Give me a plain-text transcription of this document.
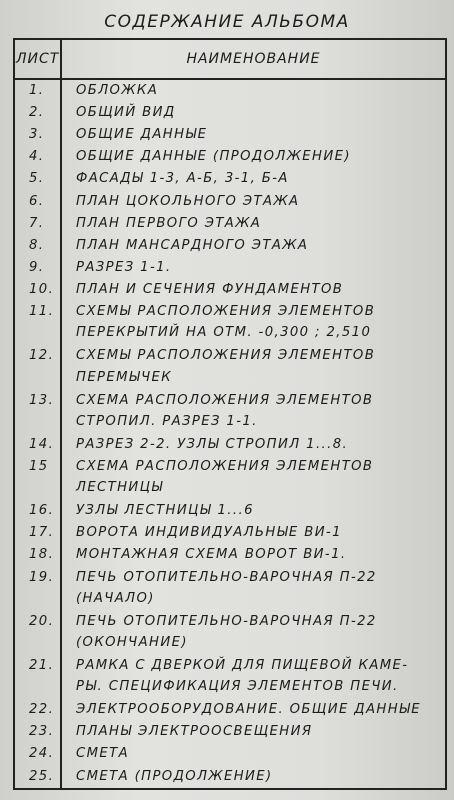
СОДЕРЖАНИЕ АЛЬБОМА
ЛИСТ	НАИМЕНОВАНИЕ
1.	ОБЛОЖКА
2.	ОБЩИЙ ВИД
3.	ОБЩИЕ ДАННЫЕ
4.	ОБЩИЕ ДАННЫЕ (ПРОДОЛЖЕНИЕ)
5.	ФАСАДЫ 1-3, А-Б, 3-1, Б-А
6.	ПЛАН ЦОКОЛЬНОГО ЭТАЖА
7.	ПЛАН ПЕРВОГО ЭТАЖА
8.	ПЛАН МАНСАРДНОГО ЭТАЖА
9.	РАЗРЕЗ 1-1.
10.	ПЛАН И СЕЧЕНИЯ ФУНДАМЕНТОВ
11.	СХЕМЫ РАСПОЛОЖЕНИЯ ЭЛЕМЕНТОВ
ПЕРЕКРЫТИЙ НА ОТМ. -0,300 ; 2,510
12.	СХЕМЫ РАСПОЛОЖЕНИЯ ЭЛЕМЕНТОВ
ПЕРЕМЫЧЕК
13.	СХЕМА РАСПОЛОЖЕНИЯ ЭЛЕМЕНТОВ
СТРОПИЛ. РАЗРЕЗ 1-1.
14.	РАЗРЕЗ 2-2. УЗЛЫ СТРОПИЛ 1...8.
15	СХЕМА РАСПОЛОЖЕНИЯ ЭЛЕМЕНТОВ
ЛЕСТНИЦЫ
16.	УЗЛЫ ЛЕСТНИЦЫ 1...6
17.	ВОРОТА ИНДИВИДУАЛЬНЫЕ ВИ-1
18.	МОНТАЖНАЯ СХЕМА ВОРОТ ВИ-1.
19.	ПЕЧЬ ОТОПИТЕЛЬНО-ВАРОЧНАЯ П-22
(НАЧАЛО)
20.	ПЕЧЬ ОТОПИТЕЛЬНО-ВАРОЧНАЯ П-22
(ОКОНЧАНИЕ)
21.	РАМКА С ДВЕРКОЙ ДЛЯ ПИЩЕВОЙ КАМЕ-
РЫ. СПЕЦИФИКАЦИЯ ЭЛЕМЕНТОВ ПЕЧИ.
22.	ЭЛЕКТРООБОРУДОВАНИЕ. ОБЩИЕ ДАННЫЕ
23.	ПЛАНЫ ЭЛЕКТРООСВЕЩЕНИЯ
24.	СМЕТА
25.	СМЕТА (ПРОДОЛЖЕНИЕ)
